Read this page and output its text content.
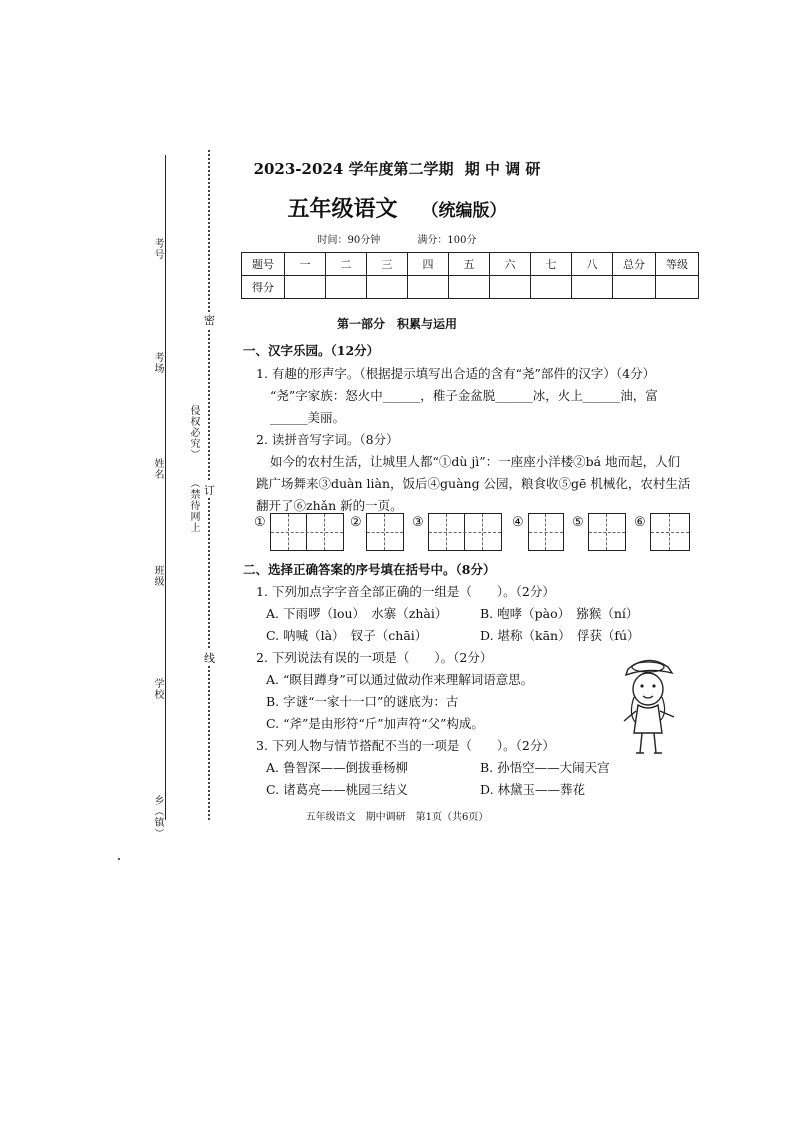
考号
考场
姓名
班级
学校
乡（镇）
（禁待网上
侵权必究）
密
订
线
2023-2024 学年度第二学期 期 中 调 研
五年级语文 （统编版）
时间：90分钟	满分：100分
题号	一	二	三	四	五	六	七	八	总分	等级
得分										
第一部分　积累与运用
一、汉字乐园。（12分）
1. 有趣的形声字。（根据提示填写出合适的含有“尧”部件的汉字）（4分）
“尧”字家族：怒火中______，稚子金盆脱______冰，火上______油，富
______美丽。
2. 读拼音写字词。（8分）
如今的农村生活，让城里人都“①dù jì”：一座座小洋楼②bá 地而起，人们
跳广场舞来③duàn liàn，饭后④guàng 公园，粮食收⑤gē 机械化，农村生活
翻开了⑥zhǎn 新的一页。
①	②	③	④	⑤	⑥
二、选择正确答案的序号填在括号中。（8分）
1. 下列加点字字音全部正确的一组是（　　）。（2分）
A. 下雨啰（lou）　水寨（zhài）	B. 咆哮（pào）　猕猴（ní）
C. 呐喊（là）　钗子（chāi）	D. 堪称（kān）　俘获（fú）
2. 下列说法有误的一项是（　　）。（2分）
A. “瞑目蹲身”可以通过做动作来理解词语意思。
B. 字谜“一家十一口”的谜底为：古
C. “斧”是由形符“斤”加声符“父”构成。
3. 下列人物与情节搭配不当的一项是（　　）。（2分）
A. 鲁智深——倒拔垂杨柳	B. 孙悟空——大闹天宫
C. 诸葛亮——桃园三结义	D. 林黛玉——葬花
五年级语文　期中调研　第1页（共6页）
